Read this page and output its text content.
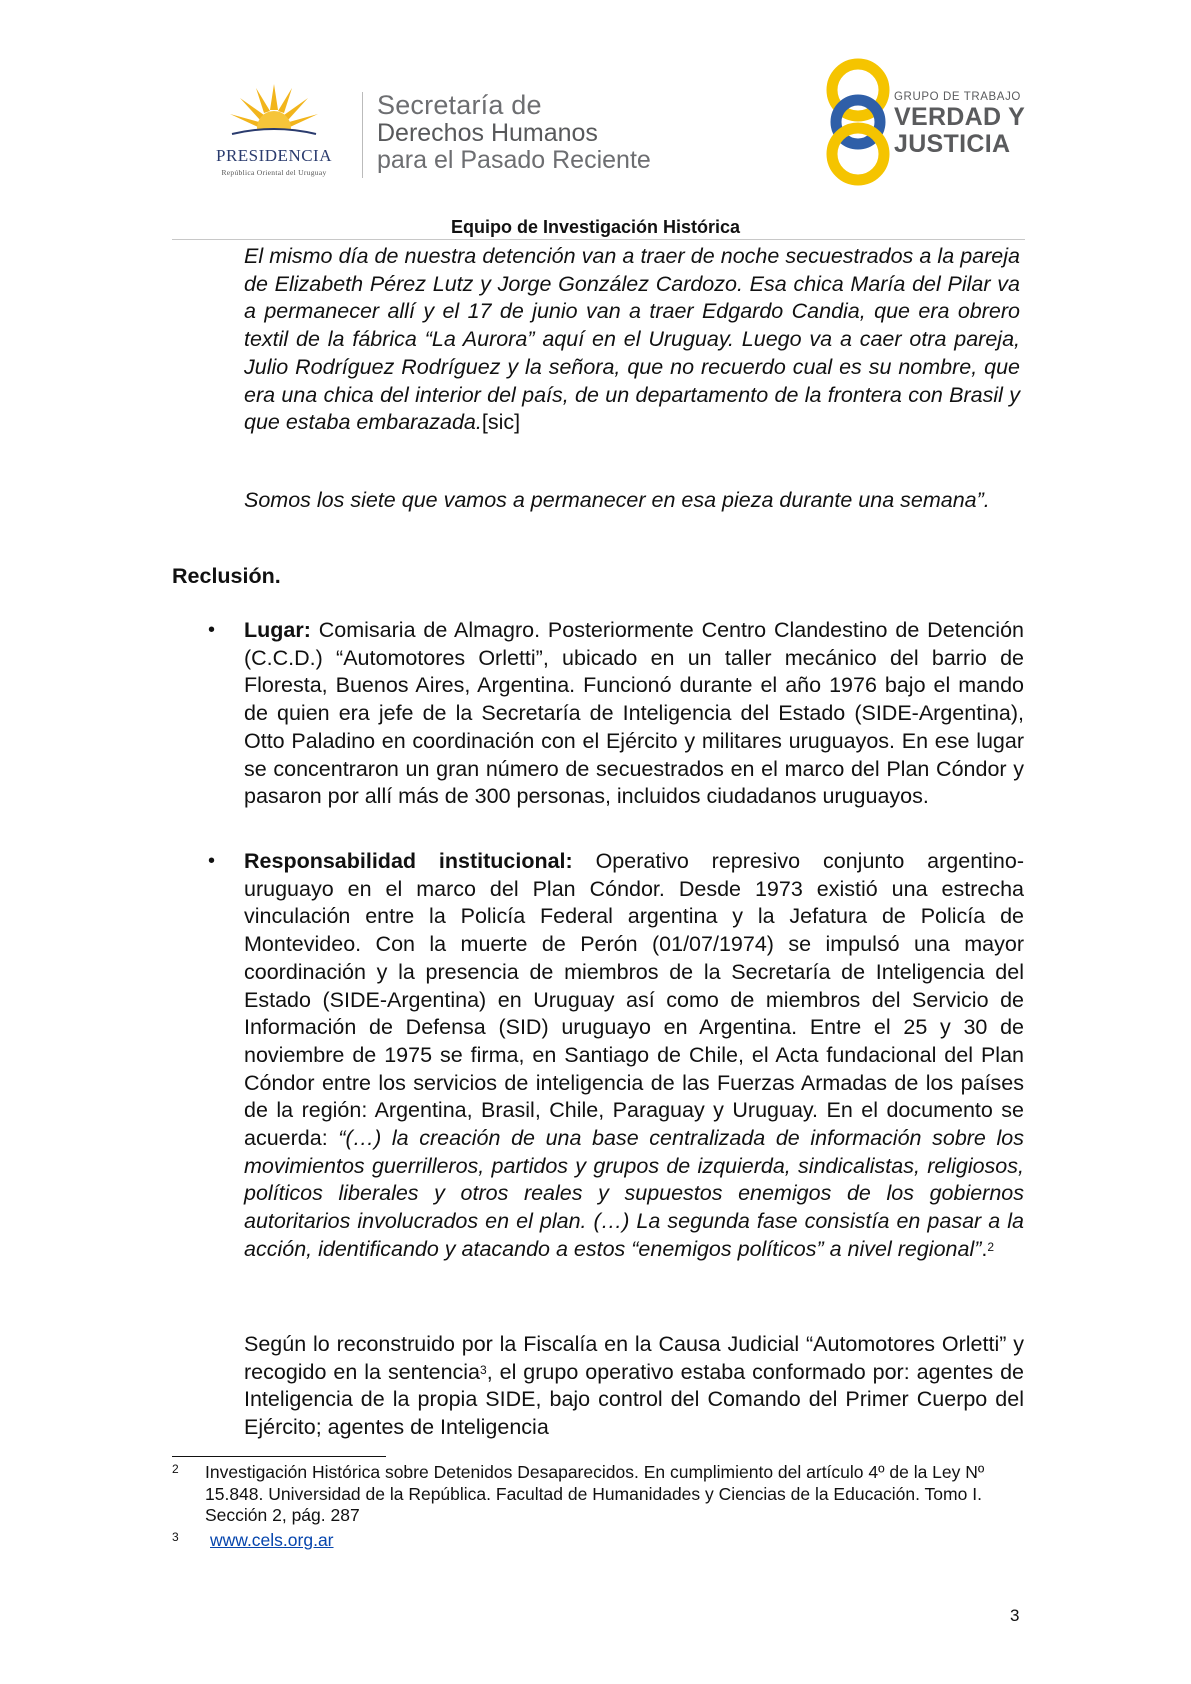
PRESIDENCIA
República Oriental del Uruguay
Secretaría de
Derechos Humanos
para el Pasado Reciente
GRUPO DE TRABAJO
VERDAD Y
JUSTICIA
Equipo de Investigación Histórica

El mismo día de nuestra detención van a traer de noche secuestrados a la pareja de Elizabeth Pérez Lutz y Jorge González Cardozo. Esa chica María del Pilar va a permanecer allí y el 17 de junio van a traer Edgardo Candia, que era obrero textil de la fábrica “La Aurora” aquí en el Uruguay. Luego va a caer otra pareja, Julio Rodríguez Rodríguez y la señora, que no recuerdo cual es su nombre, que era una chica del interior del país, de un departamento de la frontera con Brasil y que estaba embarazada.[sic]

Somos los siete que vamos a permanecer en esa pieza durante una semana”.

Reclusión.
• Lugar: Comisaria de Almagro. Posteriormente Centro Clandestino de Detención (C.C.D.) “Automotores Orletti”, ubicado en un taller mecánico del barrio de Floresta, Buenos Aires, Argentina. Funcionó durante el año 1976 bajo el mando de quien era jefe de la Secretaría de Inteligencia del Estado (SIDE-Argentina), Otto Paladino en coordinación con el Ejército y militares uruguayos. En ese lugar se concentraron un gran número de secuestrados en el marco del Plan Cóndor y pasaron por allí más de 300 personas, incluidos ciudadanos uruguayos.

• Responsabilidad institucional: Operativo represivo conjunto argentino-uruguayo en el marco del Plan Cóndor. Desde 1973 existió una estrecha vinculación entre la Policía Federal argentina y la Jefatura de Policía de Montevideo. Con la muerte de Perón (01/07/1974) se impulsó una mayor coordinación y la presencia de miembros de la Secretaría de Inteligencia del Estado (SIDE-Argentina) en Uruguay así como de miembros del Servicio de Información de Defensa (SID) uruguayo en Argentina. Entre el 25 y 30 de noviembre de 1975 se firma, en Santiago de Chile, el Acta fundacional del Plan Cóndor entre los servicios de inteligencia de las Fuerzas Armadas de los países de la región: Argentina, Brasil, Chile, Paraguay y Uruguay. En el documento se acuerda: “(…) la creación de una base centralizada de información sobre los movimientos guerrilleros, partidos y grupos de izquierda, sindicalistas, religiosos, políticos liberales y otros reales y supuestos enemigos de los gobiernos autoritarios involucrados en el plan. (…) La segunda fase consistía en pasar a la acción, identificando y atacando a estos “enemigos políticos” a nivel regional”.$^2$

Según lo reconstruido por la Fiscalía en la Causa Judicial “Automotores Orletti” y recogido en la sentencia$^3$, el grupo operativo estaba conformado por: agentes de Inteligencia de la propia SIDE, bajo control del Comando del Primer Cuerpo del Ejército; agentes de Inteligencia

2 Investigación Histórica sobre Detenidos Desaparecidos. En cumplimiento del artículo 4º de la Ley Nº 15.848. Universidad de la República. Facultad de Humanidades y Ciencias de la Educación. Tomo I. Sección 2, pág. 287
3 www.cels.org.ar
3
